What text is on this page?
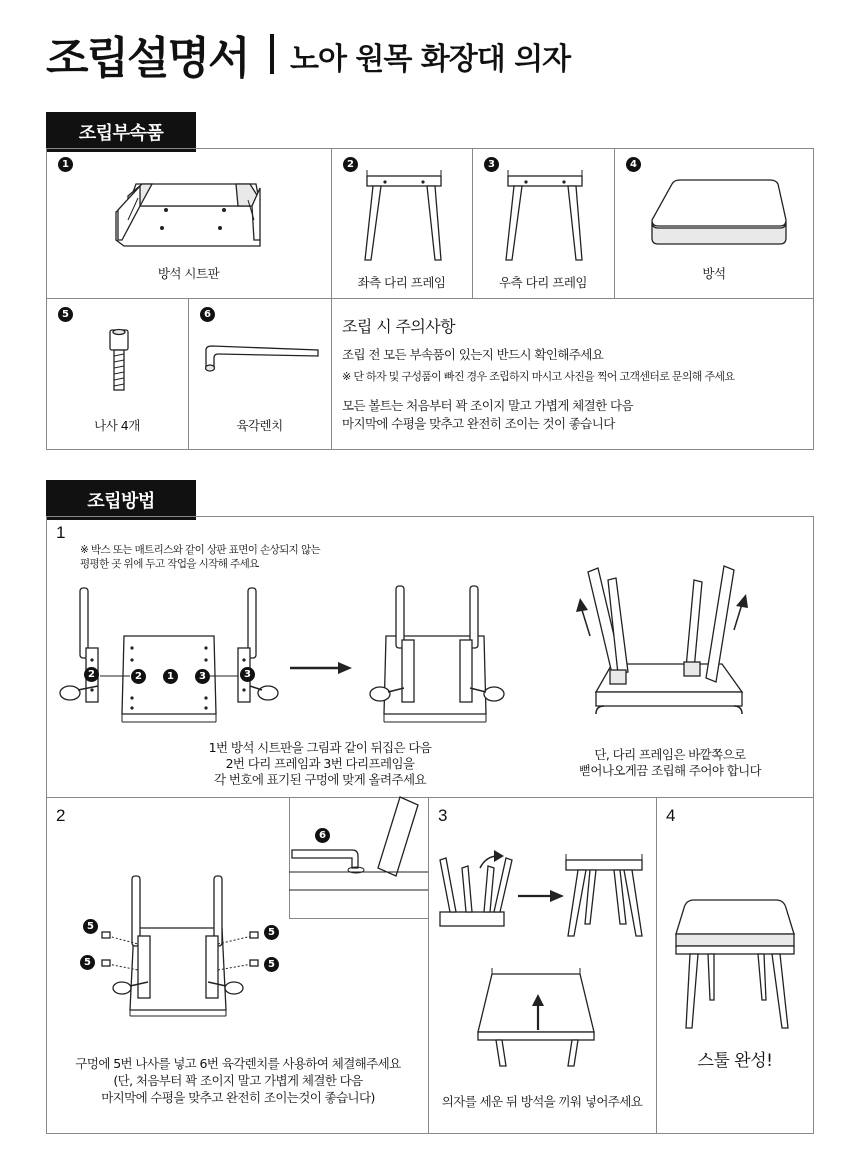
조립설명서 노아 원목 화장대 의자
조립부속품
1
방석 시트판
2
좌측 다리 프레임
3
우측 다리 프레임
4
방석
5
나사 4개
6
육각렌치
조립 시 주의사항
조립 전 모든 부속품이 있는지 반드시 확인해주세요
※ 단 하자 및 구성품이 빠진 경우 조립하지 마시고 사진을 찍어 고객센터로 문의해 주세요
모든 볼트는 처음부터 꽉 조이지 말고 가볍게 체결한 다음
마지막에 수평을 맞추고 완전히 조이는 것이 좋습니다
조립방법
1
※ 박스 또는 매트리스와 같이 상판 표면이 손상되지 않는
평평한 곳 위에 두고 작업을 시작해 주세요
2	2	1	3	3
1번 방석 시트판을 그림과 같이 뒤집은 다음
2번 다리 프레임과 3번 다리프레임을
각 번호에 표기된 구멍에 맞게 올려주세요
단, 다리 프레임은 바깥쪽으로
뻗어나오게끔 조립해 주어야 합니다
2
6
5
5
5
5
구멍에 5번 나사를 넣고 6번 육각렌치를 사용하여 체결해주세요
(단, 처음부터 꽉 조이지 말고 가볍게 체결한 다음
마지막에 수평을 맞추고 완전히 조이는것이 좋습니다)
3
의자를 세운 뒤 방석을 끼워 넣어주세요
4
스툴 완성!
